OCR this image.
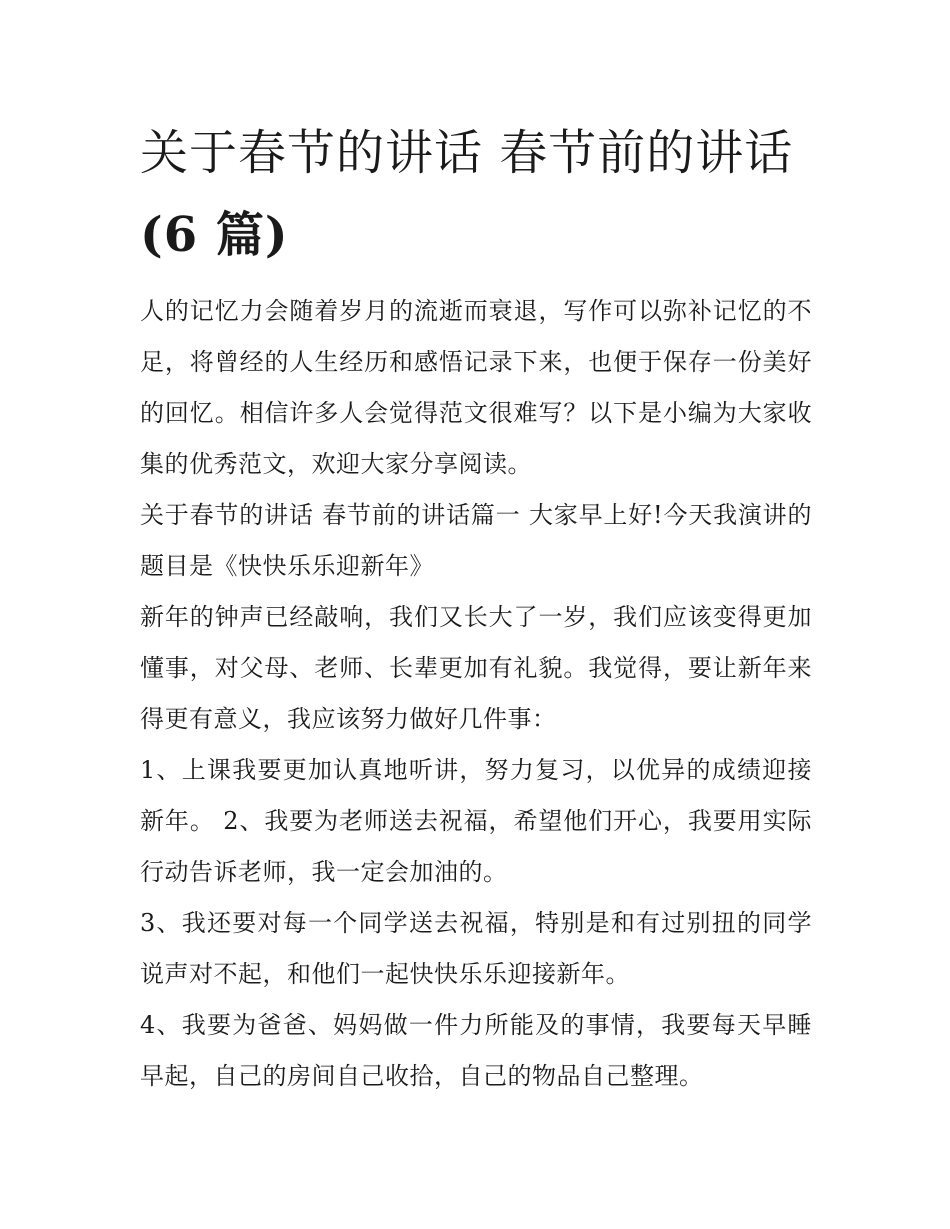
关于春节的讲话 春节前的讲话
(6 篇)

人的记忆力会随着岁月的流逝而衰退，写作可以弥补记忆的不足，将曾经的人生经历和感悟记录下来，也便于保存一份美好的回忆。相信许多人会觉得范文很难写？以下是小编为大家收集的优秀范文，欢迎大家分享阅读。

关于春节的讲话 春节前的讲话篇一 大家早上好!今天我演讲的题目是《快快乐乐迎新年》

新年的钟声已经敲响，我们又长大了一岁，我们应该变得更加懂事，对父母、老师、长辈更加有礼貌。我觉得，要让新年来得更有意义，我应该努力做好几件事：

1、上课我要更加认真地听讲，努力复习，以优异的成绩迎接新年。 2、我要为老师送去祝福，希望他们开心，我要用实际行动告诉老师，我一定会加油的。

3、我还要对每一个同学送去祝福，特别是和有过别扭的同学说声对不起，和他们一起快快乐乐迎接新年。

4、我要为爸爸、妈妈做一件力所能及的事情，我要每天早睡早起，自己的房间自己收拾，自己的物品自己整理。
